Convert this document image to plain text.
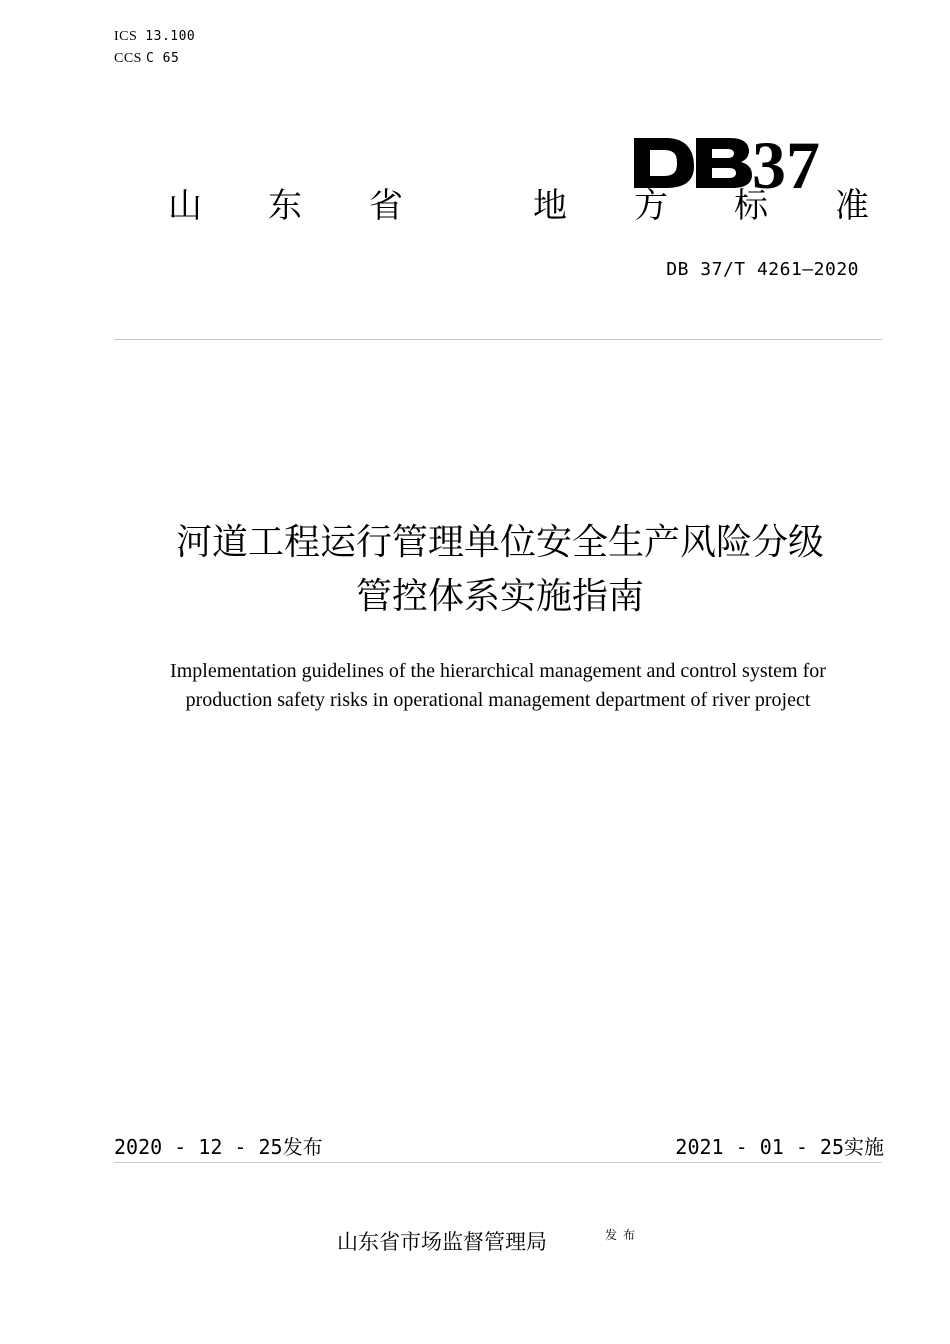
ICS 13.100
CCS C 65
37
山 东 省	地 方 标 准
DB 37/T 4261—2020
河道工程运行管理单位安全生产风险分级
管控体系实施指南
Implementation guidelines of the hierarchical management and control system for
production safety risks in operational management department of river project
2020 - 12 - 25发布	2021 - 01 - 25实施
山东省市场监督管理局	发布
